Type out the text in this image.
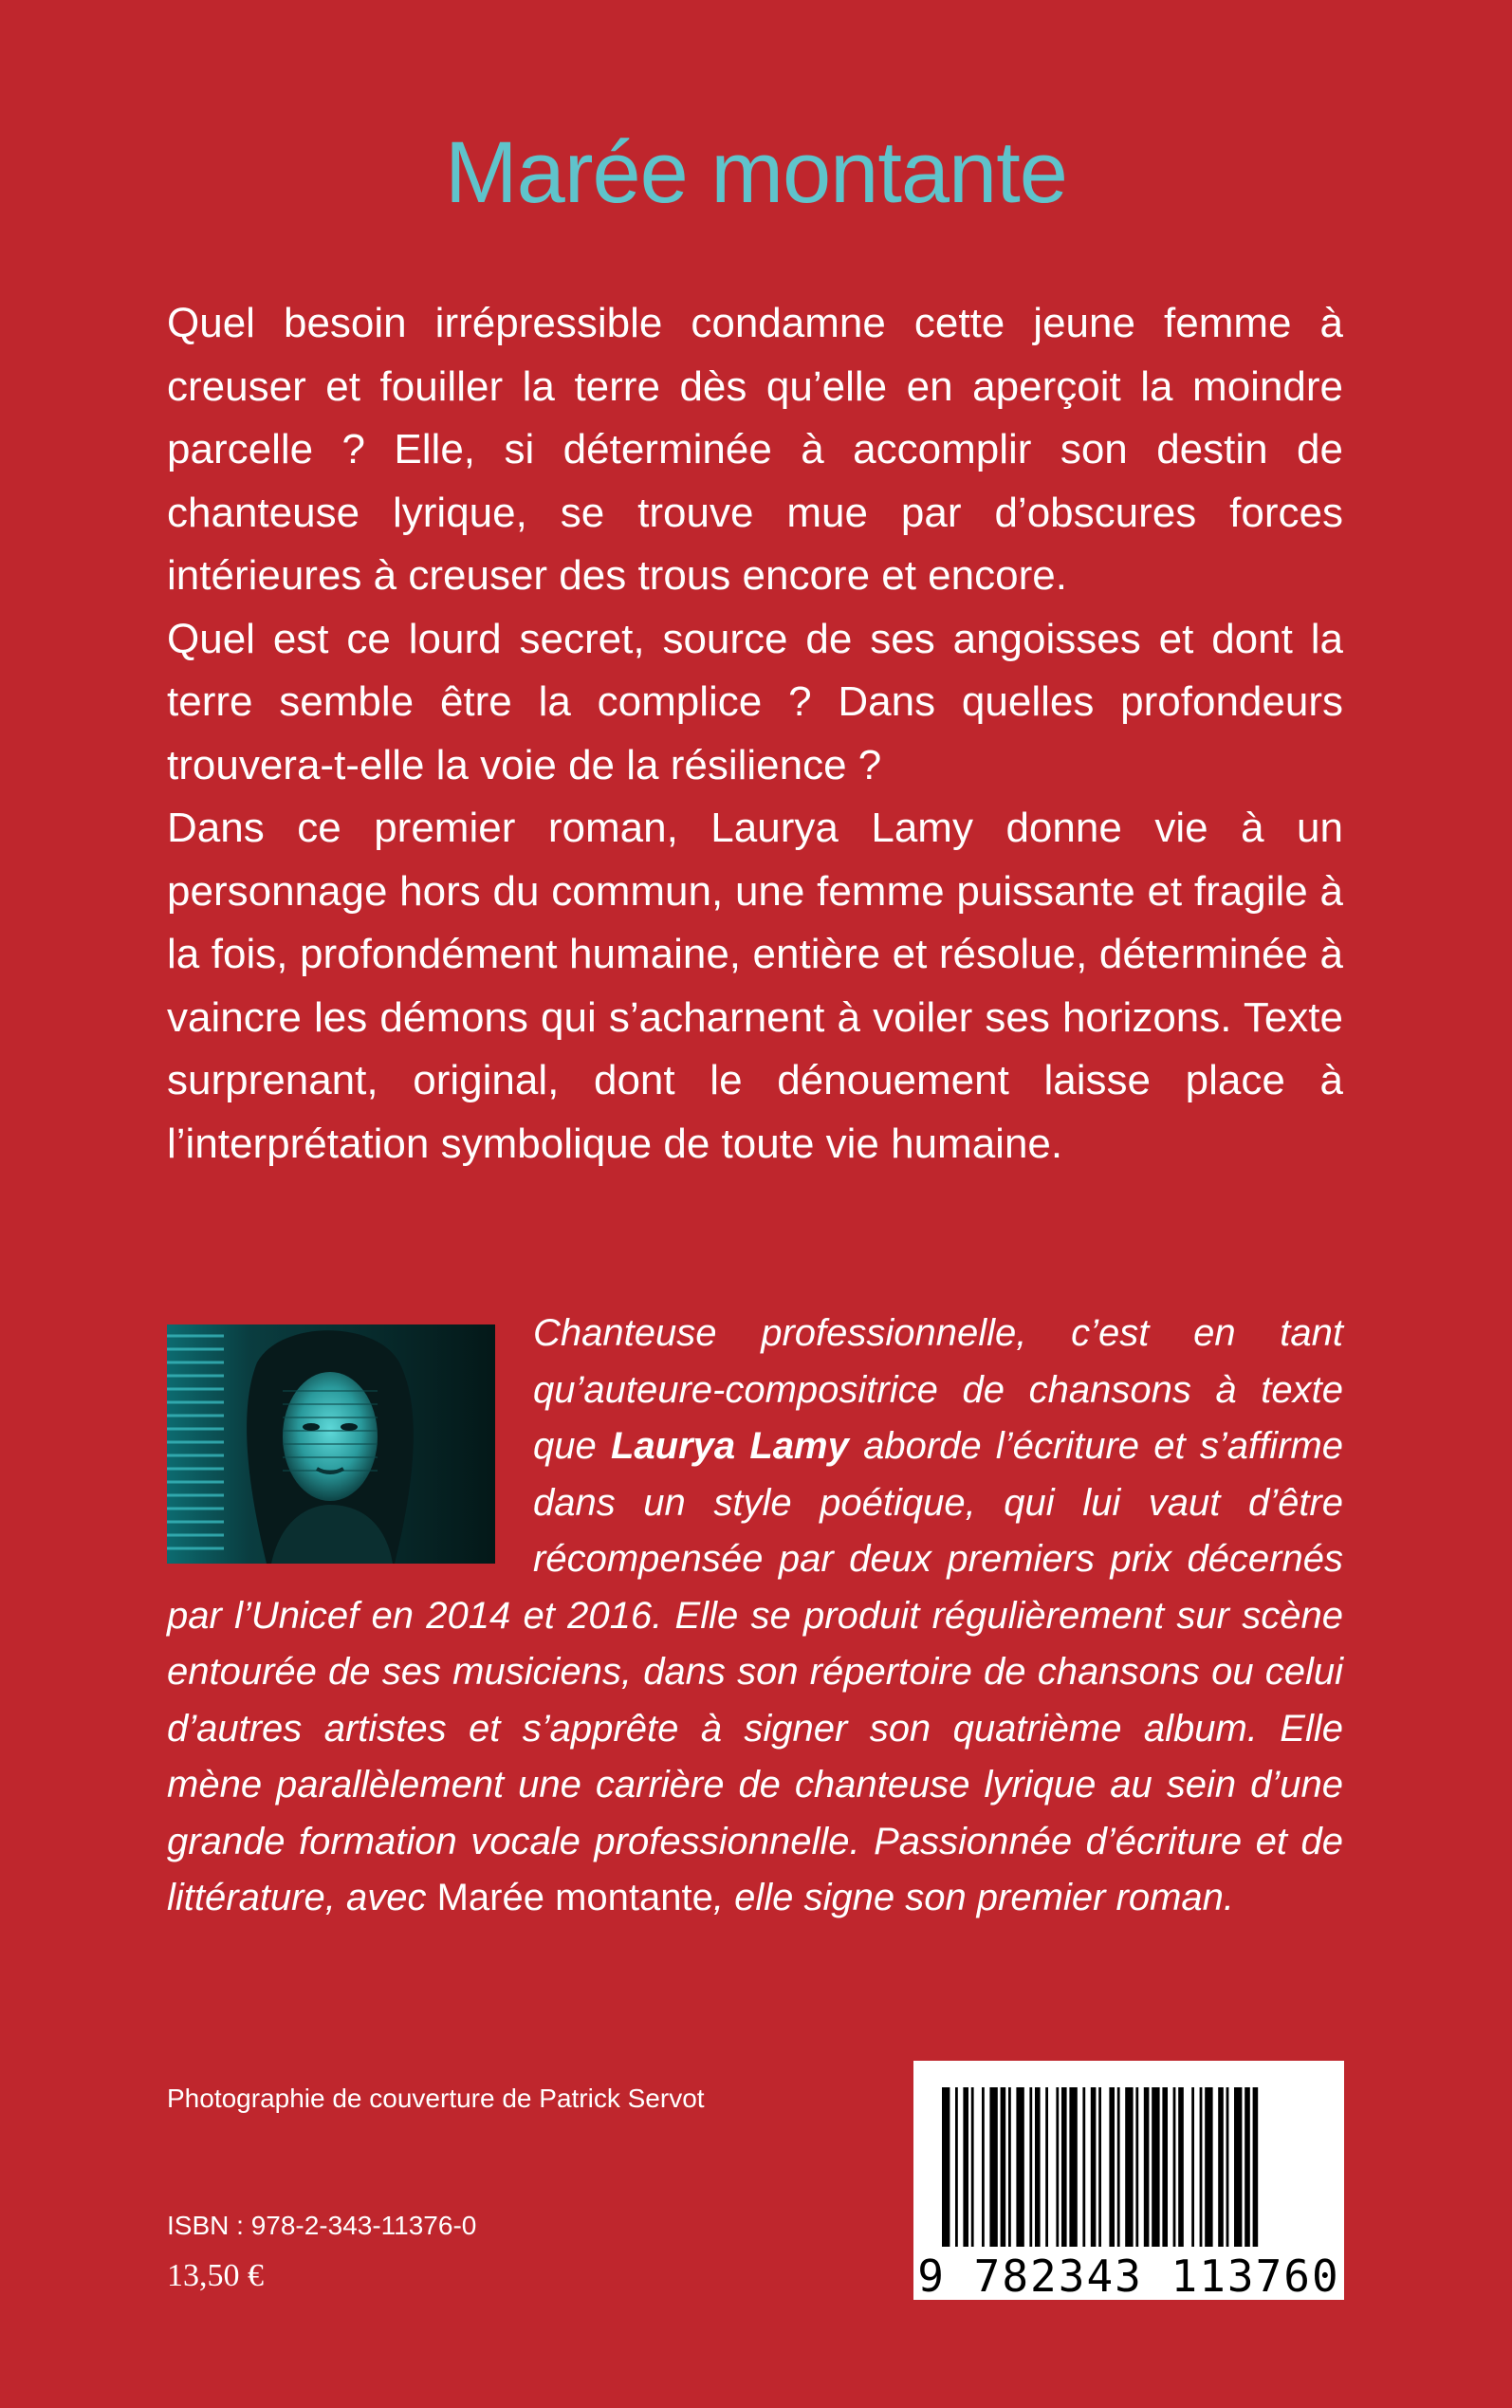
Marée montante

Quel besoin irrépressible condamne cette jeune femme à creuser et fouiller la terre dès qu’elle en aperçoit la moindre parcelle ? Elle, si déterminée à accomplir son destin de chanteuse lyrique, se trouve mue par d’obscures forces intérieures à creuser des trous encore et encore.

Quel est ce lourd secret, source de ses angoisses et dont la terre semble être la complice ? Dans quelles profondeurs trouvera-t-elle la voie de la résilience ?

Dans ce premier roman, Laurya Lamy donne vie à un personnage hors du commun, une femme puissante et fragile à la fois, profondément humaine, entière et résolue, déterminée à vaincre les démons qui s’acharnent à voiler ses horizons. Texte surprenant, original, dont le dénouement laisse place à l’interprétation symbolique de toute vie humaine.

Chanteuse professionnelle, c’est en tant qu’auteure-compositrice de chansons à texte que Laurya Lamy aborde l’écriture et s’affirme dans un style poétique, qui lui vaut d’être récompensée par deux premiers prix décernés par l’Unicef en 2014 et 2016. Elle se produit régulièrement sur scène entourée de ses musiciens, dans son répertoire de chansons ou celui d’autres artistes et s’apprête à signer son quatrième album. Elle mène parallèlement une carrière de chanteuse lyrique au sein d’une grande formation vocale professionnelle. Passionnée d’écriture et de littérature, avec Marée montante, elle signe son premier roman.

Photographie de couverture de Patrick Servot
ISBN : 978-2-343-11376-0
13,50 €	9 782343 113760
